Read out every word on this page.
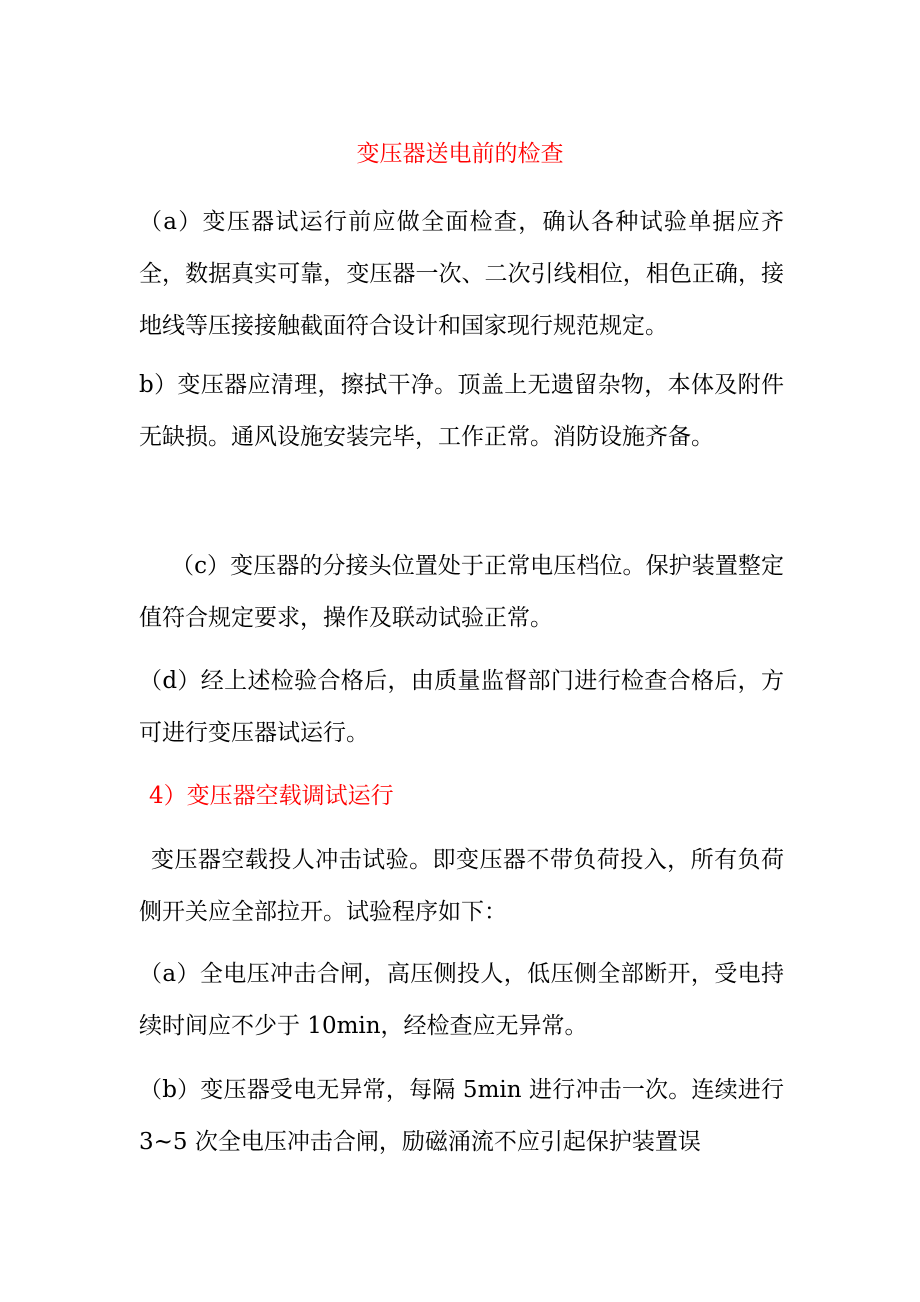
变压器送电前的检查

（a）变压器试运行前应做全面检查，确认各种试验单据应齐全，数据真实可靠，变压器一次、二次引线相位，相色正确，接地线等压接接触截面符合设计和国家现行规范规定。

b）变压器应清理，擦拭干净。顶盖上无遗留杂物，本体及附件无缺损。通风设施安装完毕，工作正常。消防设施齐备。

（c）变压器的分接头位置处于正常电压档位。保护装置整定值符合规定要求，操作及联动试验正常。

（d）经上述检验合格后，由质量监督部门进行检查合格后，方可进行变压器试运行。

4）变压器空载调试运行

变压器空载投人冲击试验。即变压器不带负荷投入，所有负荷侧开关应全部拉开。试验程序如下：

（a）全电压冲击合闸，高压侧投人，低压侧全部断开，受电持续时间应不少于 10min，经检查应无异常。

（b）变压器受电无异常，每隔 5min 进行冲击一次。连续进行 3~5 次全电压冲击合闸，励磁涌流不应引起保护装置误
